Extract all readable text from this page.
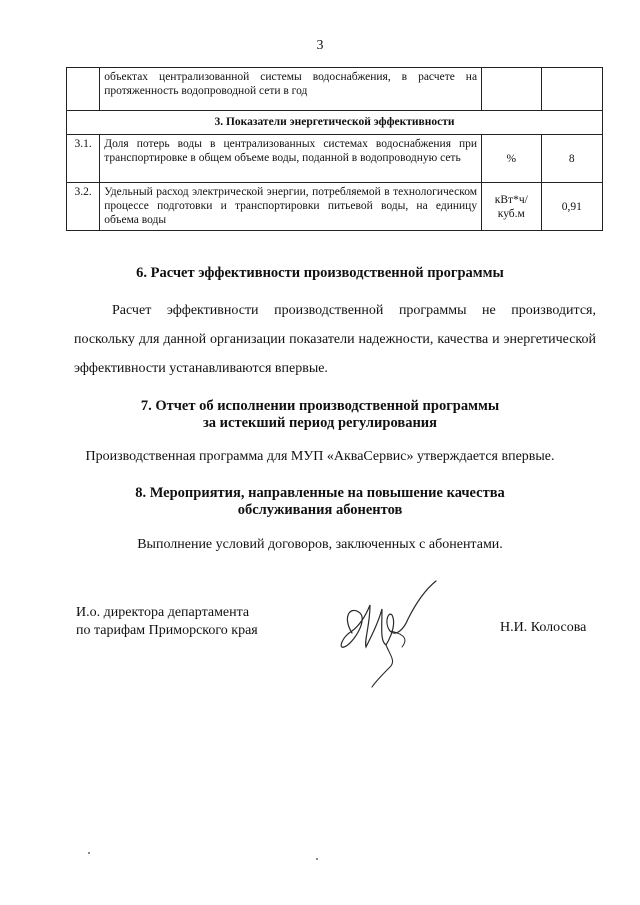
3
	объектах централизованной системы водоснабжения, в расчете на протяженность водопроводной сети в год		
3. Показатели энергетической эффективности			
3.1.	Доля потерь воды в централизованных системах водоснабжения при транспортировке в общем объеме воды, поданной в водопроводную сеть	%	8
3.2.	Удельный расход электрической энергии, потребляемой в технологическом процессе подготовки и транспортировки питьевой воды, на единицу объема воды	кВт*ч/ куб.м	0,91
6. Расчет эффективности производственной программы
Расчет эффективности производственной программы не производится, поскольку для данной организации показатели надежности, качества и энергетической эффективности устанавливаются впервые.
7. Отчет об исполнении производственной программы
за истекший период регулирования
Производственная программа для МУП «АкваСервис» утверждается впервые.
8. Мероприятия, направленные на повышение качества
обслуживания абонентов
Выполнение условий договоров, заключенных с абонентами.
И.о. директора департамента
по тарифам Приморского края	Н.И. Колосова
